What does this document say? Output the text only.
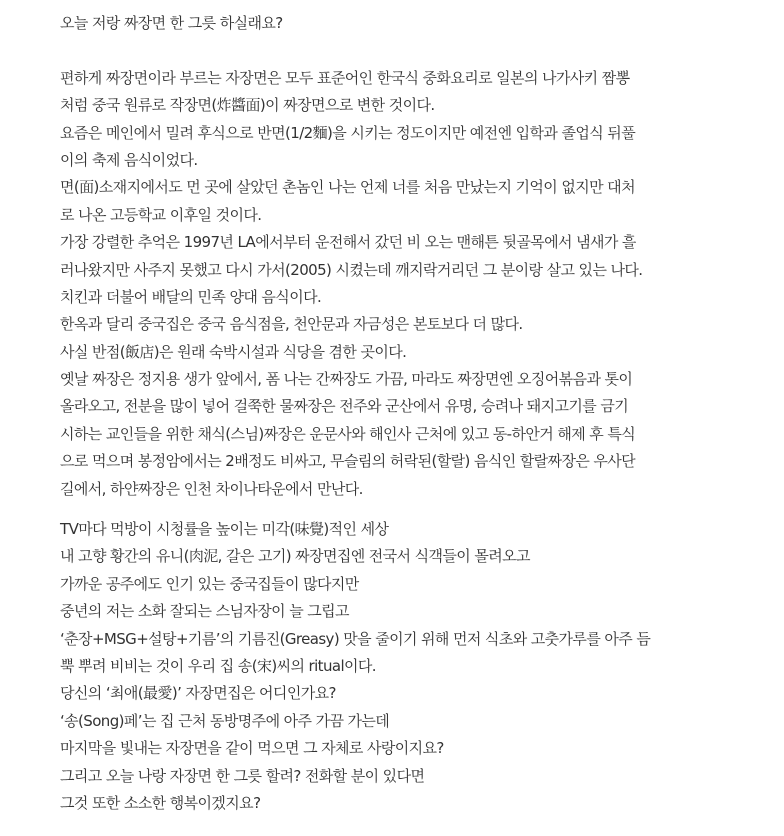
오늘 저랑 짜장면 한 그릇 하실래요?
편하게 짜장면이라 부르는 자장면은 모두 표준어인 한국식 중화요리로 일본의 나가사키 짬뽕
처럼 중국 원류로 작장면(炸醬面)이 짜장면으로 변한 것이다.
요즘은 메인에서 밀려 후식으로 반면(1/2麵)을 시키는 정도이지만 예전엔 입학과 졸업식 뒤풀
이의 축제 음식이었다.
면(面)소재지에서도 먼 곳에 살았던 촌놈인 나는 언제 너를 처음 만났는지 기억이 없지만 대처
로 나온 고등학교 이후일 것이다.
가장 강렬한 추억은 1997년 LA에서부터 운전해서 갔던 비 오는 맨해튼 뒷골목에서 냄새가 흘
러나왔지만 사주지 못했고 다시 가서(2005) 시켰는데 깨지락거리던 그 분이랑 살고 있는 나다.
치킨과 더불어 배달의 민족 양대 음식이다.
한옥과 달리 중국집은 중국 음식점을, 천안문과 자금성은 본토보다 더 많다.
사실 반점(飯店)은 원래 숙박시설과 식당을 겸한 곳이다.
옛날 짜장은 정지용 생가 앞에서, 폼 나는 간짜장도 가끔, 마라도 짜장면엔 오징어볶음과 톳이
올라오고, 전분을 많이 넣어 걸쭉한 물짜장은 전주와 군산에서 유명, 승려나 돼지고기를 금기
시하는 교인들을 위한 채식(스님)짜장은 운문사와 해인사 근처에 있고 동-하안거 해제 후 특식
으로 먹으며 봉정암에서는 2배정도 비싸고, 무슬림의 허락된(할랄) 음식인 할랄짜장은 우사단
길에서, 하얀짜장은 인천 차이나타운에서 만난다.
TV마다 먹방이 시청률을 높이는 미각(味覺)적인 세상
내 고향 황간의 유니(肉泥, 갈은 고기) 짜장면집엔 전국서 식객들이 몰려오고
가까운 공주에도 인기 있는 중국집들이 많다지만
중년의 저는 소화 잘되는 스님자장이 늘 그립고
‘춘장+MSG+설탕+기름’의 기름진(Greasy) 맛을 줄이기 위해 먼저 식초와 고춧가루를 아주 듬
뿍 뿌려 비비는 것이 우리 집 송(宋)씨의 ritual이다.
당신의 ‘최애(最愛)’ 자장면집은 어디인가요?
‘송(Song)페’는 집 근처 동방명주에 아주 가끔 가는데
마지막을 빛내는 자장면을 같이 먹으면 그 자체로 사랑이지요?
그리고 오늘 나랑 자장면 한 그릇 할려? 전화할 분이 있다면
그것 또한 소소한 행복이겠지요?
